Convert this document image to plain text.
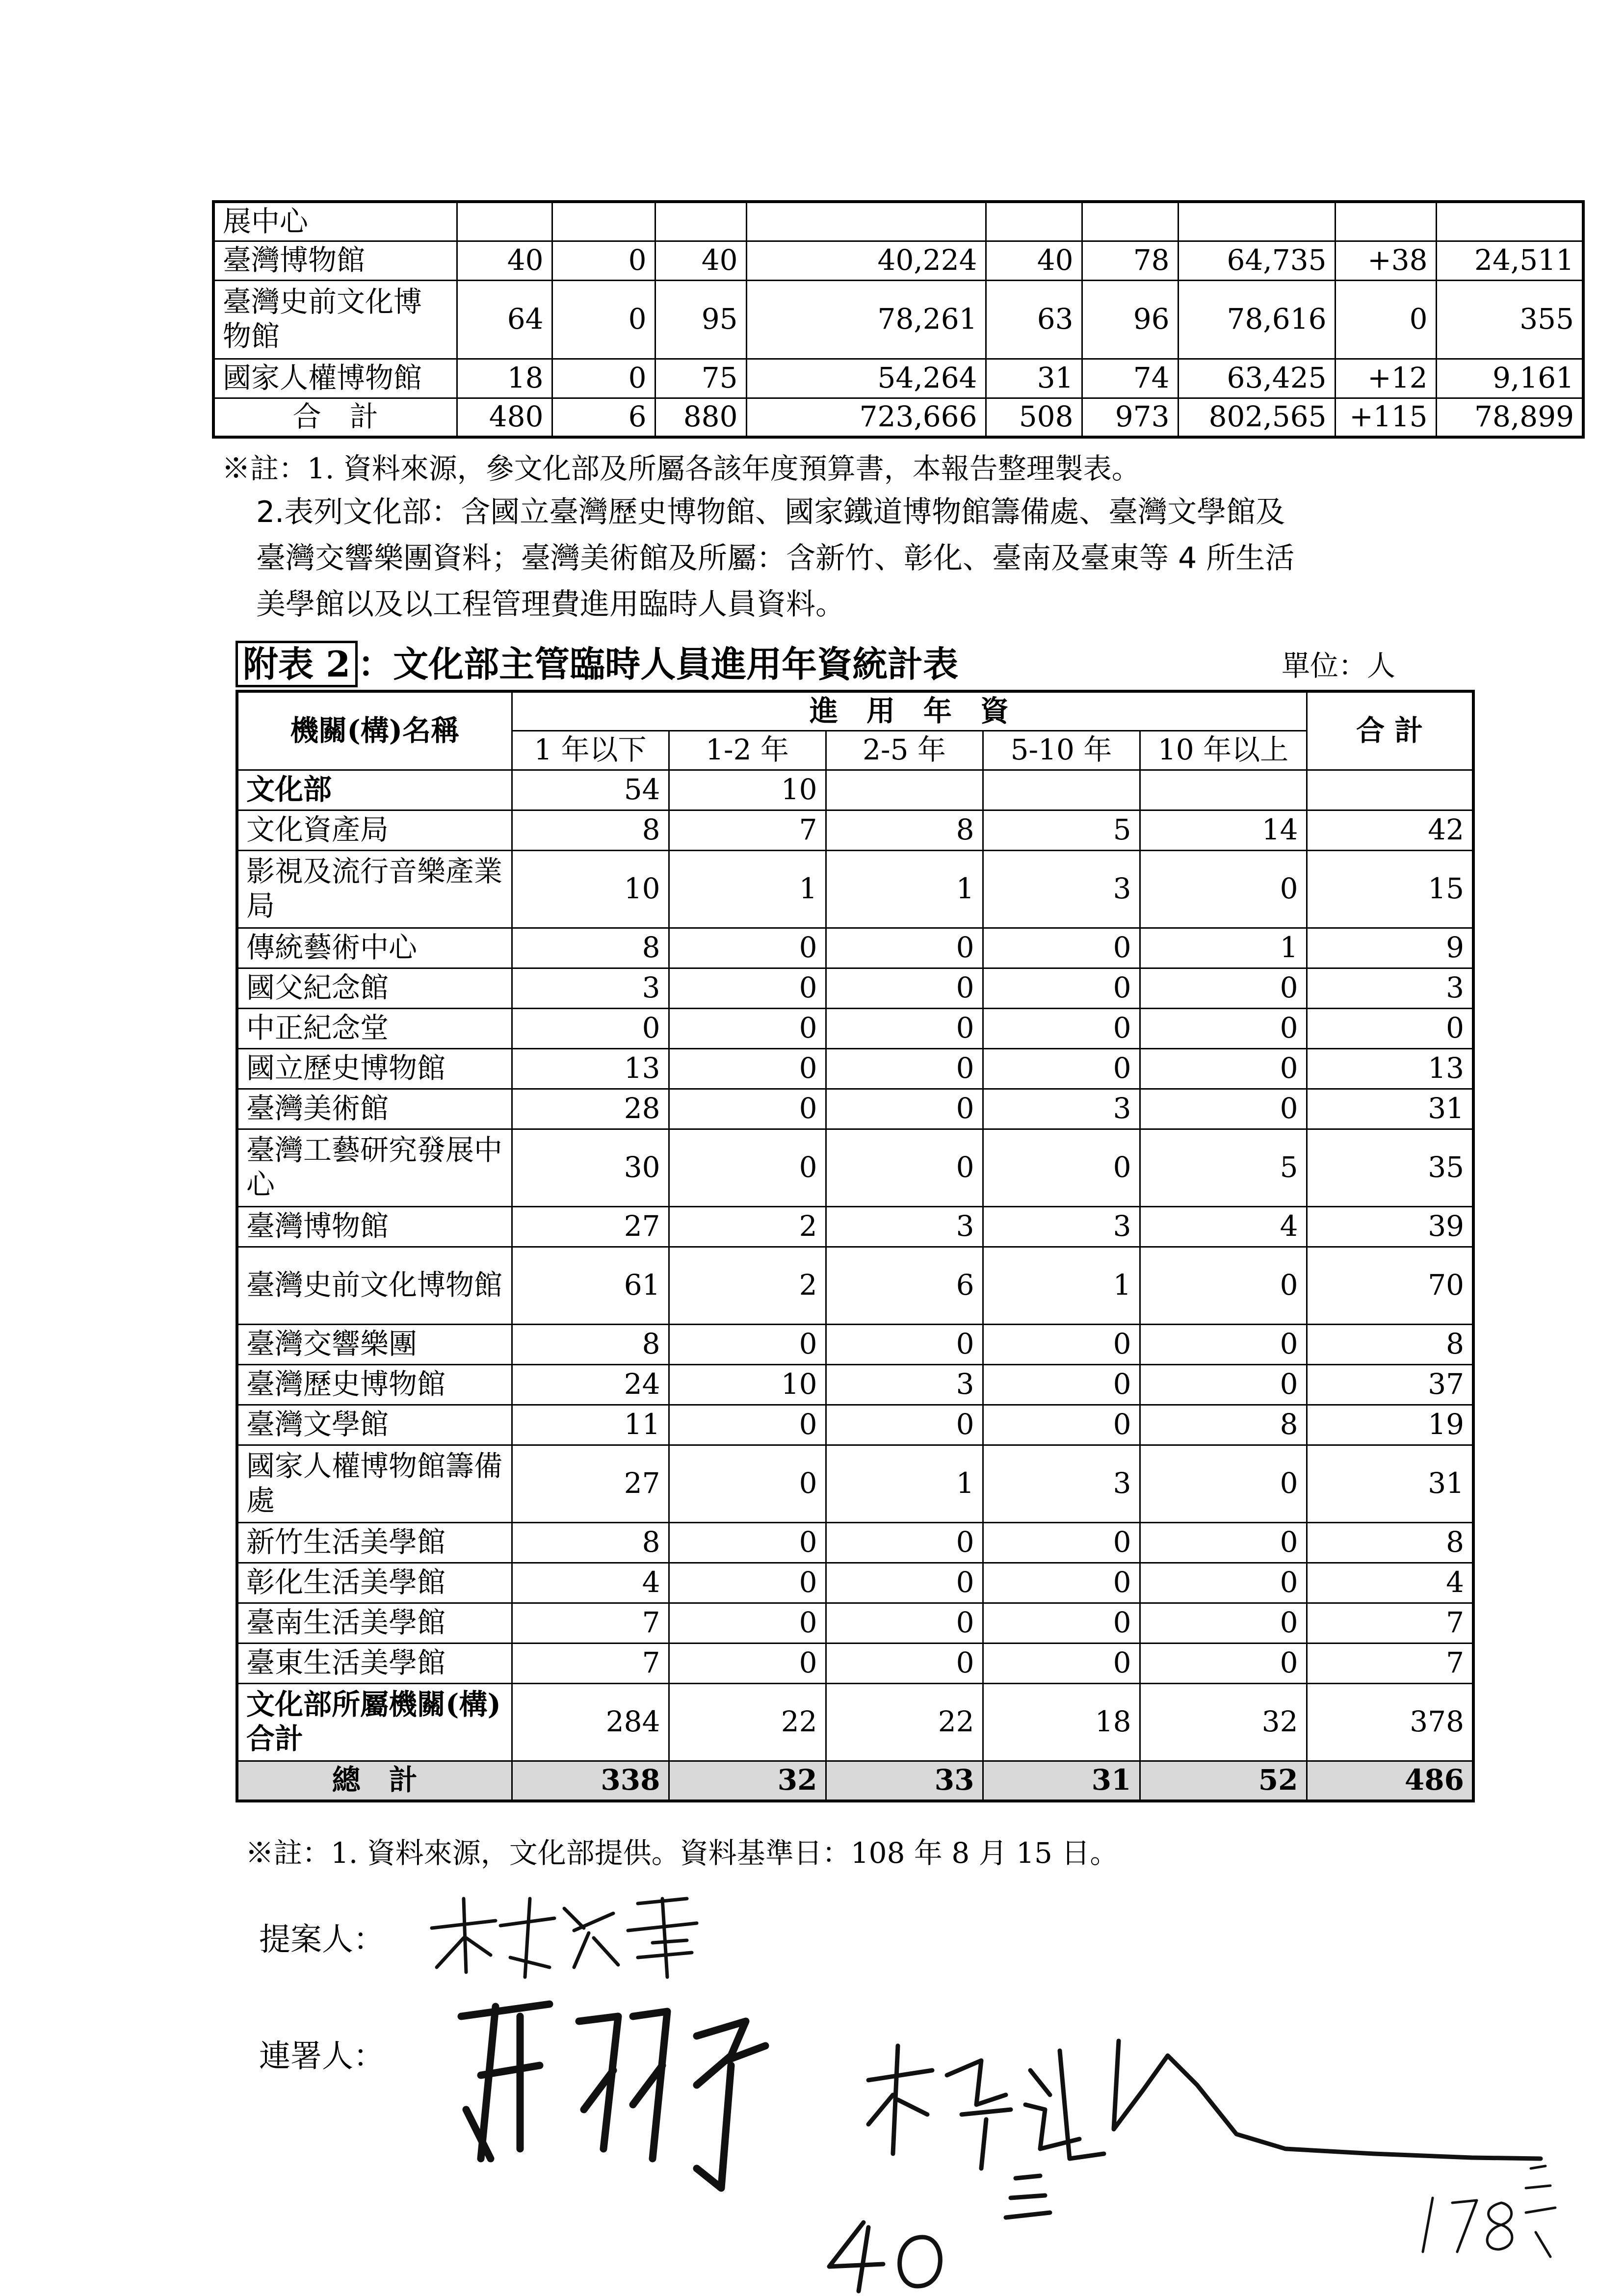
展中心									
臺灣博物館	40	0	40	40,224	40	78	64,735	+38	24,511
臺灣史前文化博物館	64	0	95	78,261	63	96	78,616	0	355
國家人權博物館	18	0	75	54,264	31	74	63,425	+12	9,161
合　計	480	6	880	723,666	508	973	802,565	+115	78,899
※註：1. 資料來源，參文化部及所屬各該年度預算書，本報告整理製表。
2.表列文化部：含國立臺灣歷史博物館、國家鐵道博物館籌備處、臺灣文學館及
臺灣交響樂團資料；臺灣美術館及所屬：含新竹、彰化、臺南及臺東等 4 所生活
美學館以及以工程管理費進用臨時人員資料。
附表 2 ：文化部主管臨時人員進用年資統計表	單位：人
機關(構)名稱	進　用　年　資					合 計
	1 年以下	1-2 年	2-5 年	5-10 年	10 年以上	
文化部	54	10				
文化資產局	8	7	8	5	14	42
影視及流行音樂產業局	10	1	1	3	0	15
傳統藝術中心	8	0	0	0	1	9
國父紀念館	3	0	0	0	0	3
中正紀念堂	0	0	0	0	0	0
國立歷史博物館	13	0	0	0	0	13
臺灣美術館	28	0	0	3	0	31
臺灣工藝研究發展中心	30	0	0	0	5	35
臺灣博物館	27	2	3	3	4	39
臺灣史前文化博物館	61	2	6	1	0	70
臺灣交響樂團	8	0	0	0	0	8
臺灣歷史博物館	24	10	3	0	0	37
臺灣文學館	11	0	0	0	8	19
國家人權博物館籌備處	27	0	1	3	0	31
新竹生活美學館	8	0	0	0	0	8
彰化生活美學館	4	0	0	0	0	4
臺南生活美學館	7	0	0	0	0	7
臺東生活美學館	7	0	0	0	0	7
文化部所屬機關(構)合計	284	22	22	18	32	378
總　計	338	32	33	31	52	486
※註：1. 資料來源，文化部提供。資料基準日：108 年 8 月 15 日。
提案人：
連署人：
